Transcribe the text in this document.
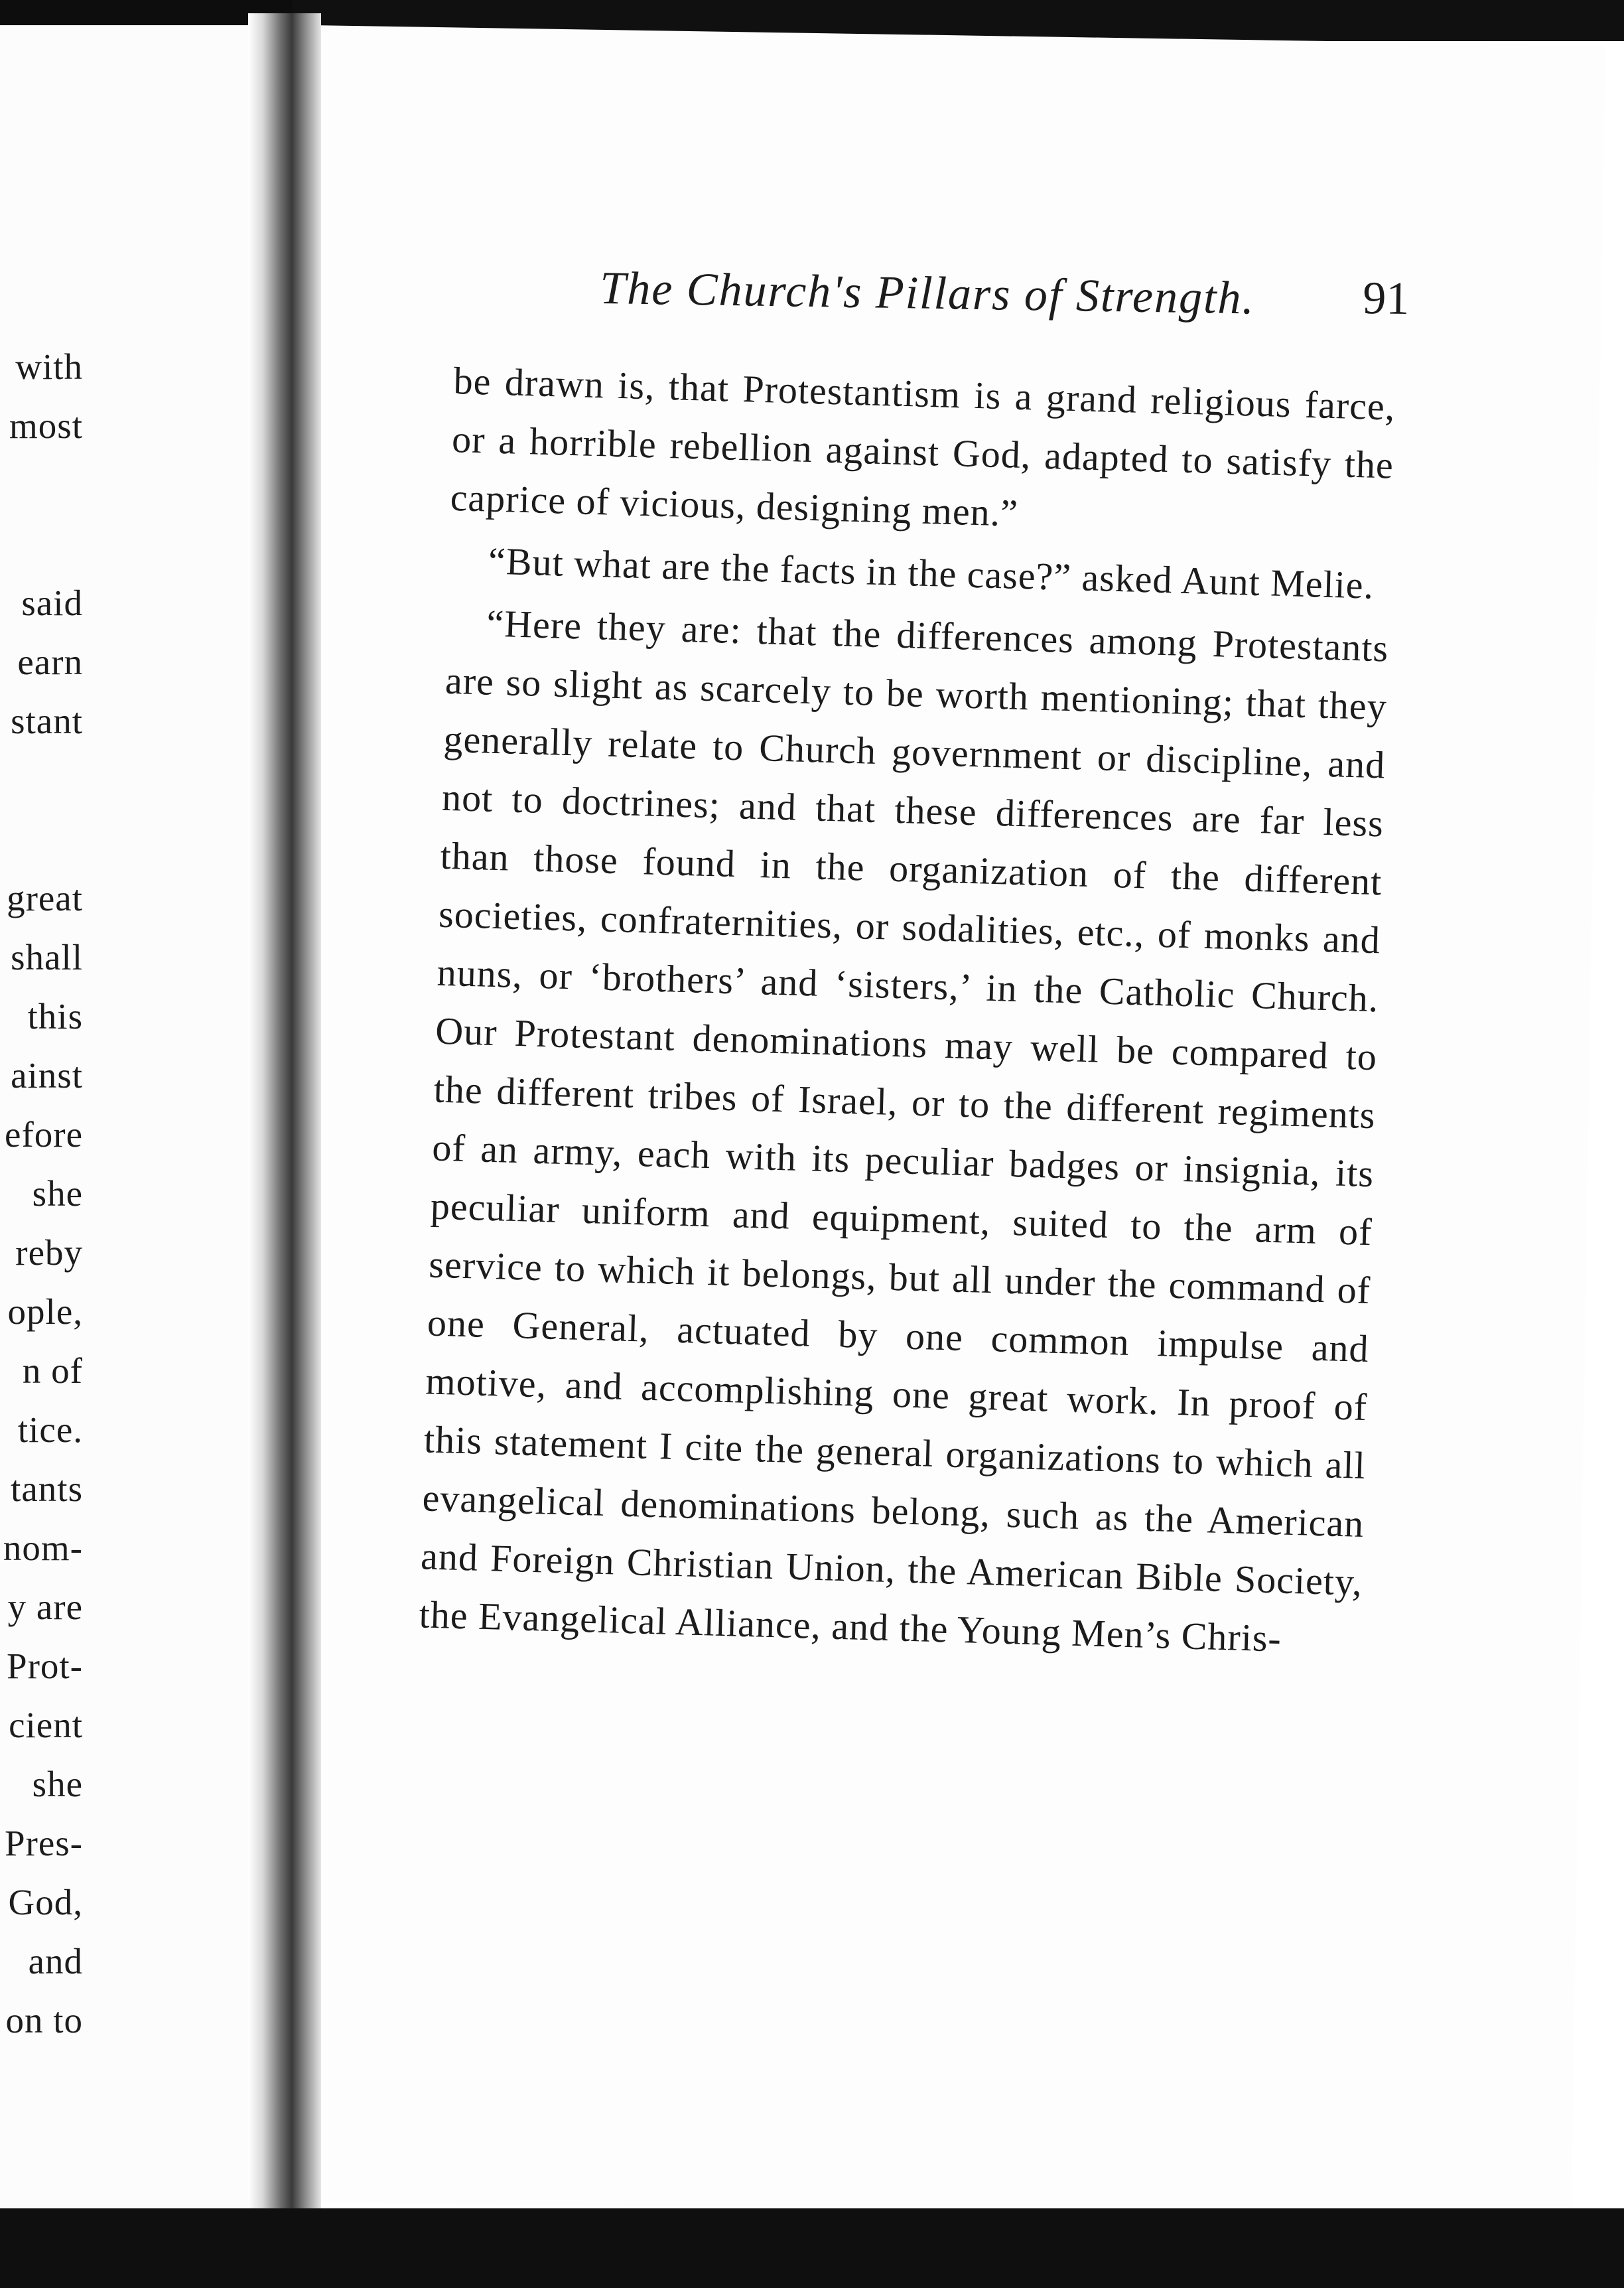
with
most
said
earn
stant
great
shall
this
ainst
efore
she
reby
ople,
n of
tice.
tants
nom-
y are
Prot-
cient
she
Pres-
God,
and
on to
The Church's Pillars of Strength.	91

be drawn is, that Protestantism is a grand religious farce, or a horrible rebellion against God, adapted to satisfy the caprice of vicious, designing men.”

“But what are the facts in the case?” asked Aunt Melie.

“Here they are: that the differences among Protestants are so slight as scarcely to be worth mentioning; that they generally relate to Church government or discipline, and not to doctrines; and that these differences are far less than those found in the organization of the different societies, confraternities, or sodalities, etc., of monks and nuns, or ‘brothers’ and ‘sisters,’ in the Catholic Church. Our Protestant denominations may well be compared to the different tribes of Israel, or to the different regiments of an army, each with its peculiar badges or insignia, its peculiar uniform and equipment, suited to the arm of service to which it belongs, but all under the command of one General, actuated by one common impulse and motive, and accomplishing one great work. In proof of this statement I cite the general organizations to which all evangelical denominations belong, such as the American and Foreign Christian Union, the American Bible Society, the Evangelical Alliance, and the Young Men’s Chris-
